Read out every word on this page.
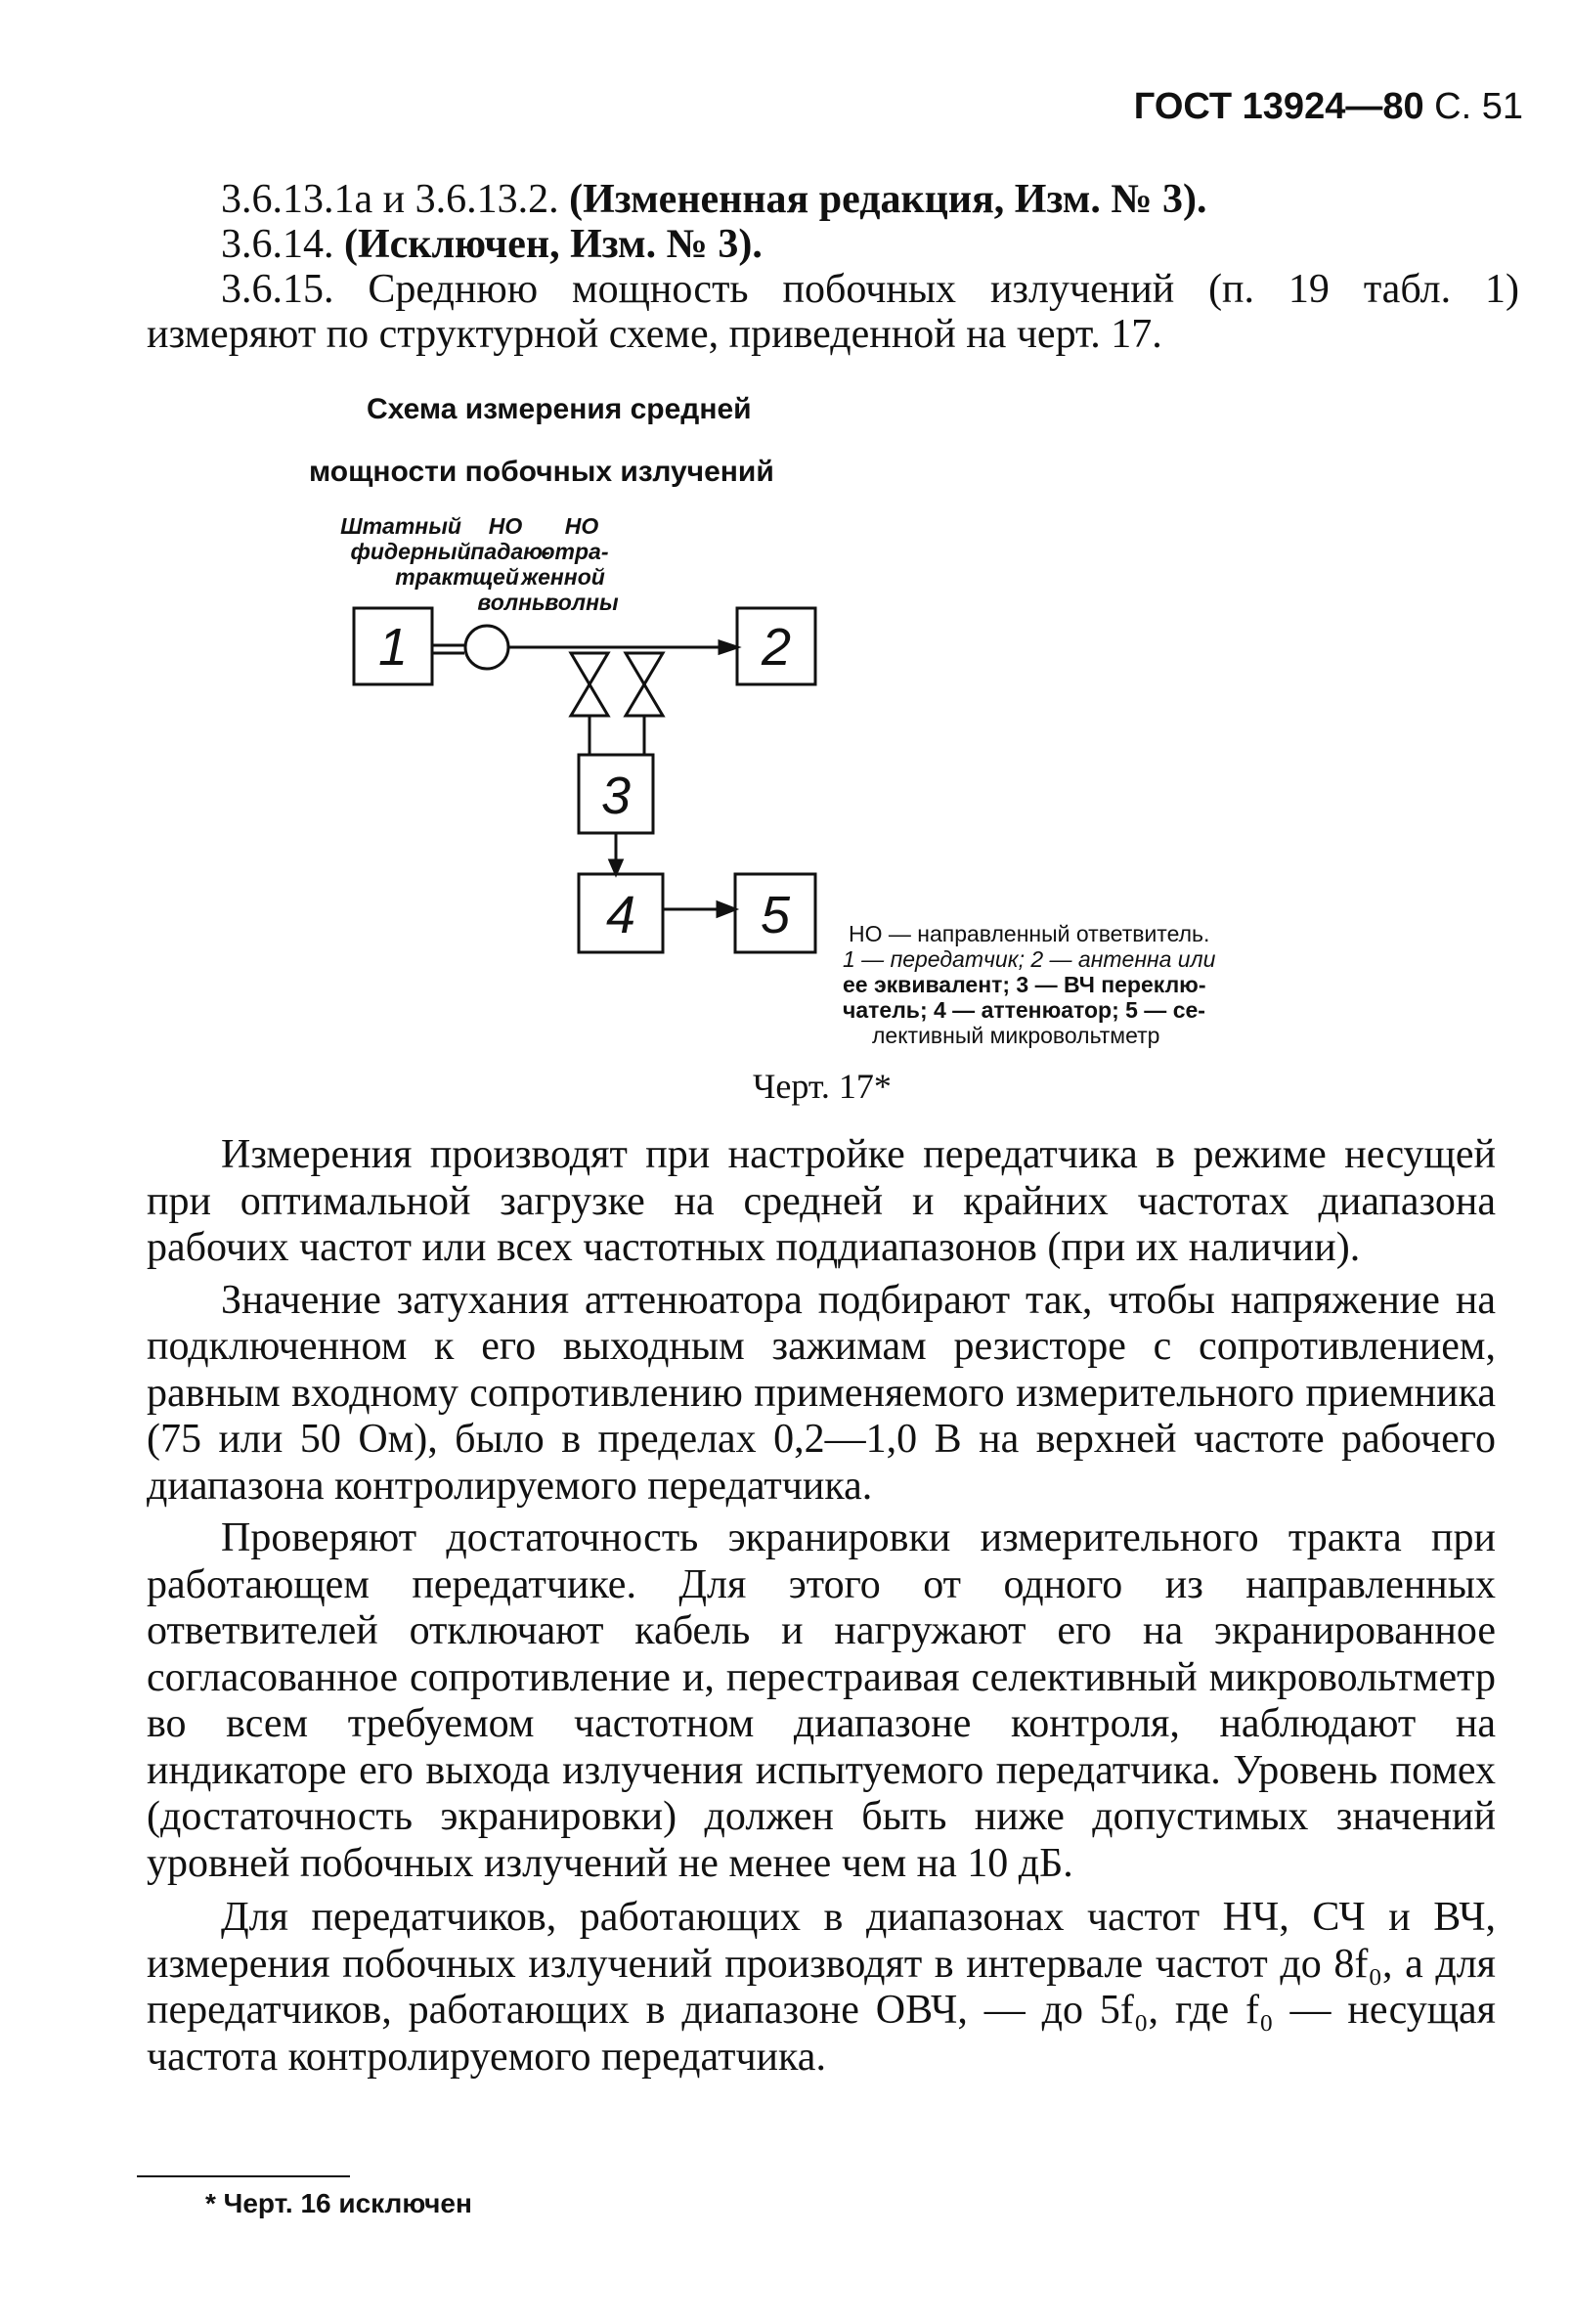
ГОСТ 13924—80 С. 51
3.6.13.1а и 3.6.13.2. (Измененная редакция, Изм. № 3).
3.6.14. (Исключен, Изм. № 3).
3.6.15. Среднюю мощность побочных излучений (п. 19 табл. 1)
измеряют по структурной схеме, приведенной на черт. 17.
Схема измерения средней
мощности побочных излучений
1	2
3
4 5
Штатный
фидерный
тракт
НО
падаю-
щей
волны
НО
отра-
женной
волны
НО — направленный ответвитель.
1 — передатчик; 2 — антенна или
ее эквивалент; 3 — ВЧ переклю-
чатель; 4 — аттенюатор; 5 — се-
лективный микровольтметр
Черт. 17*

Измерения производят при настройке передатчика в режиме несущей при оптимальной загрузке на средней и крайних частотах диапазона рабочих частот или всех частотных поддиапазонов (при их наличии).

Значение затухания аттенюатора подбирают так, чтобы напряжение на подключенном к его выходным зажимам резисторе с сопротивлением, равным входному сопротивлению применяемого измерительного приемника (75 или 50 Ом), было в пределах 0,2—1,0 В на верхней частоте рабочего диапазона контролируемого передатчика.

Проверяют достаточность экранировки измерительного тракта при работающем передатчике. Для этого от одного из направленных ответвителей отключают кабель и нагружают его на экранированное согласованное сопротивление и, перестраивая селективный микровольтметр во всем требуемом частотном диапазоне контроля, наблюдают на индикаторе его выхода излучения испытуемого передатчика. Уровень помех (достаточность экранировки) должен быть ниже допустимых значений уровней побочных излучений не менее чем на 10 дБ.

Для передатчиков, работающих в диапазонах частот НЧ, СЧ и ВЧ, измерения побочных излучений производят в интервале частот до 8f₀, а для передатчиков, работающих в диапазоне ОВЧ, — до 5f₀, где f₀ — несущая частота контролируемого передатчика.

* Черт. 16 исключен
